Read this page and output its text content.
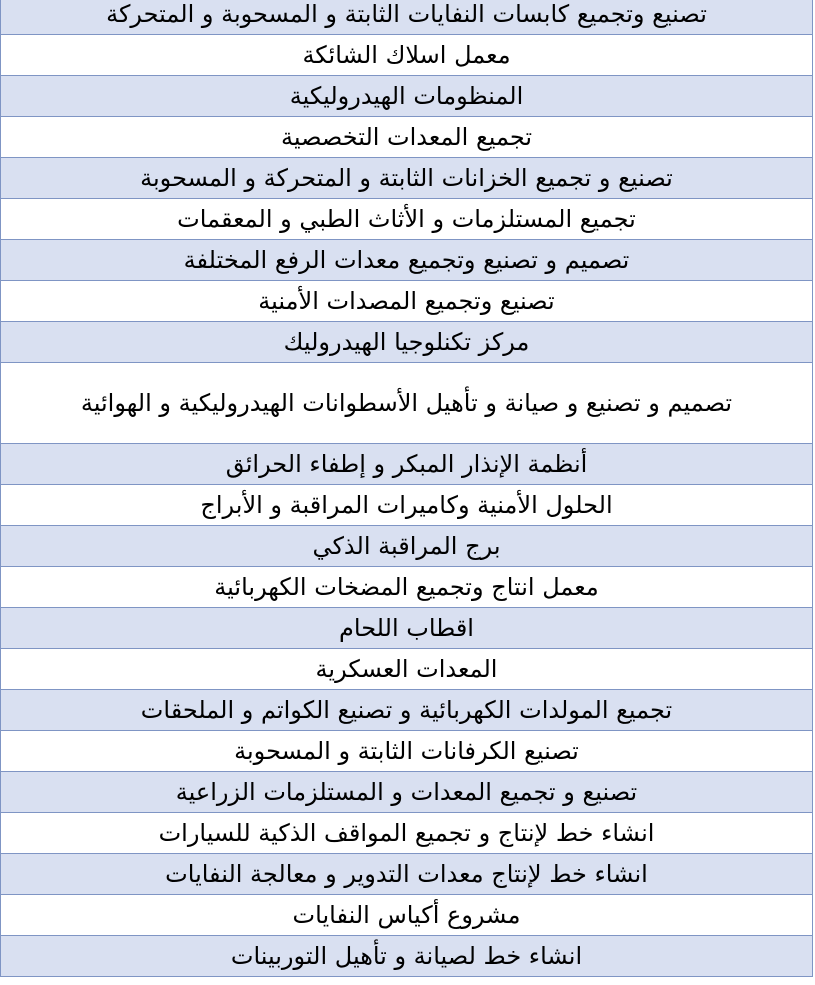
تصنيع وتجميع كابسات النفايات الثابتة و المسحوبة و المتحركة
معمل اسلاك الشائكة
المنظومات الهيدروليكية
تجميع المعدات التخصصية
تصنيع و تجميع الخزانات الثابتة و المتحركة و المسحوبة
تجميع المستلزمات و الأثاث الطبي و المعقمات
تصميم و تصنيع وتجميع معدات الرفع المختلفة
تصنيع وتجميع المصدات الأمنية
مركز تكنلوجيا الهيدروليك
تصميم و تصنيع و صيانة و تأهيل الأسطوانات الهيدروليكية و الهوائية
أنظمة الإنذار المبكر و إطفاء الحرائق
الحلول الأمنية وكاميرات المراقبة و الأبراج
برج المراقبة الذكي
معمل انتاج وتجميع المضخات الكهربائية
اقطاب اللحام
المعدات العسكرية
تجميع المولدات الكهربائية و تصنيع الكواتم و الملحقات
تصنيع الكرفانات الثابتة و المسحوبة
تصنيع و تجميع المعدات و المستلزمات الزراعية
انشاء خط لإنتاج و تجميع المواقف الذكية للسيارات
انشاء خط لإنتاج معدات التدوير و معالجة النفايات
مشروع أكياس النفايات
انشاء خط لصيانة و تأهيل التوربينات
